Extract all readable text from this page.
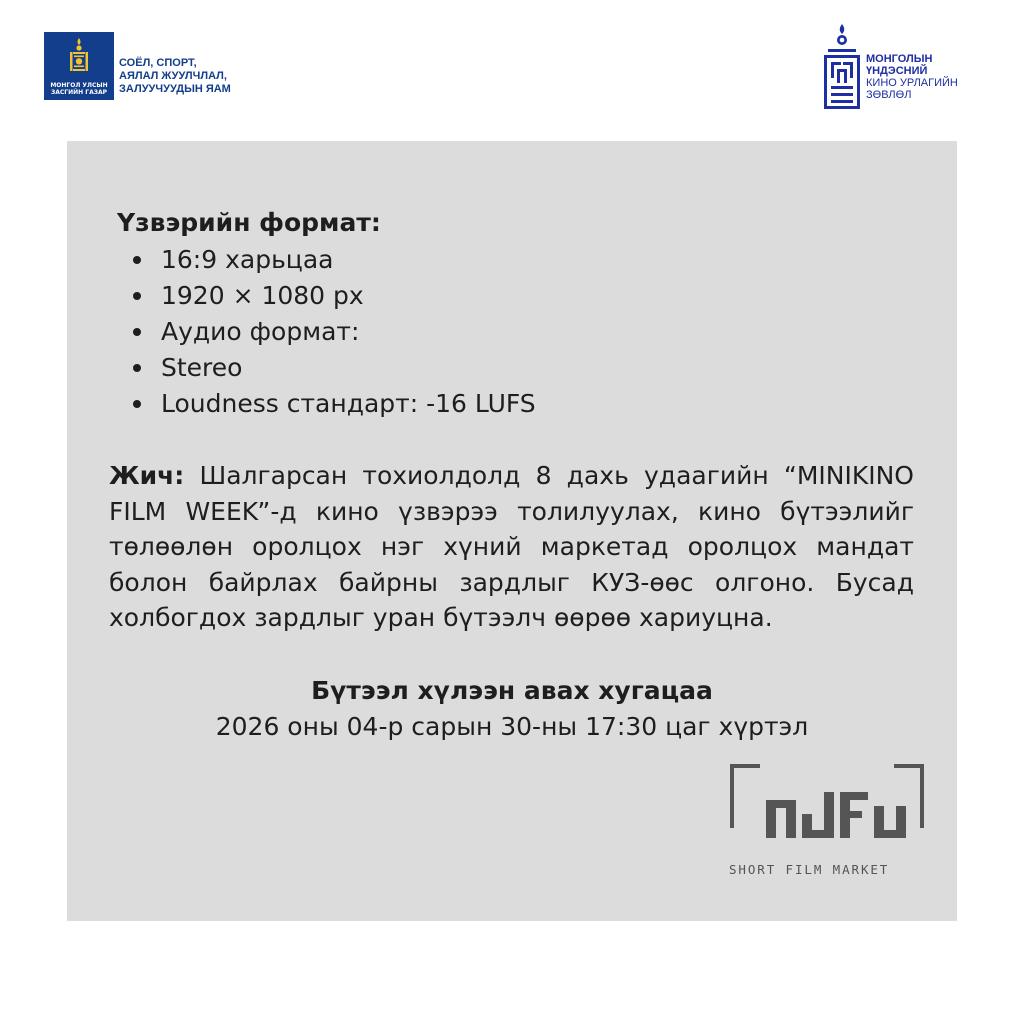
МОНГОЛ УЛСЫН
ЗАСГИЙН ГАЗАР
СОЁЛ, СПОРТ,
АЯЛАЛ ЖУУЛЧЛАЛ,
ЗАЛУУЧУУДЫН ЯАМ
МОНГОЛЫН
ҮНДЭСНИЙ
КИНО УРЛАГИЙН
ЗӨВЛӨЛ
Үзвэрийн формат:
16:9 харьцаа
1920 × 1080 px
Аудио формат:
Stereo
Loudness стандарт: -16 LUFS
Жич: Шалгарсан тохиолдолд 8 дахь удаагийн “MINIKINO FILM WEEK”-д кино үзвэрээ толилуулах, кино бүтээлийг төлөөлөн оролцох нэг хүний маркетад оролцох мандат болон байрлах байрны зардлыг КУЗ-өөс олгоно. Бусад холбогдох зардлыг уран бүтээлч өөрөө хариуцна.
Бүтээл хүлээн авах хугацаа
2026 оны 04-р сарын 30-ны 17:30 цаг хүртэл
SHORT FILM MARKET
